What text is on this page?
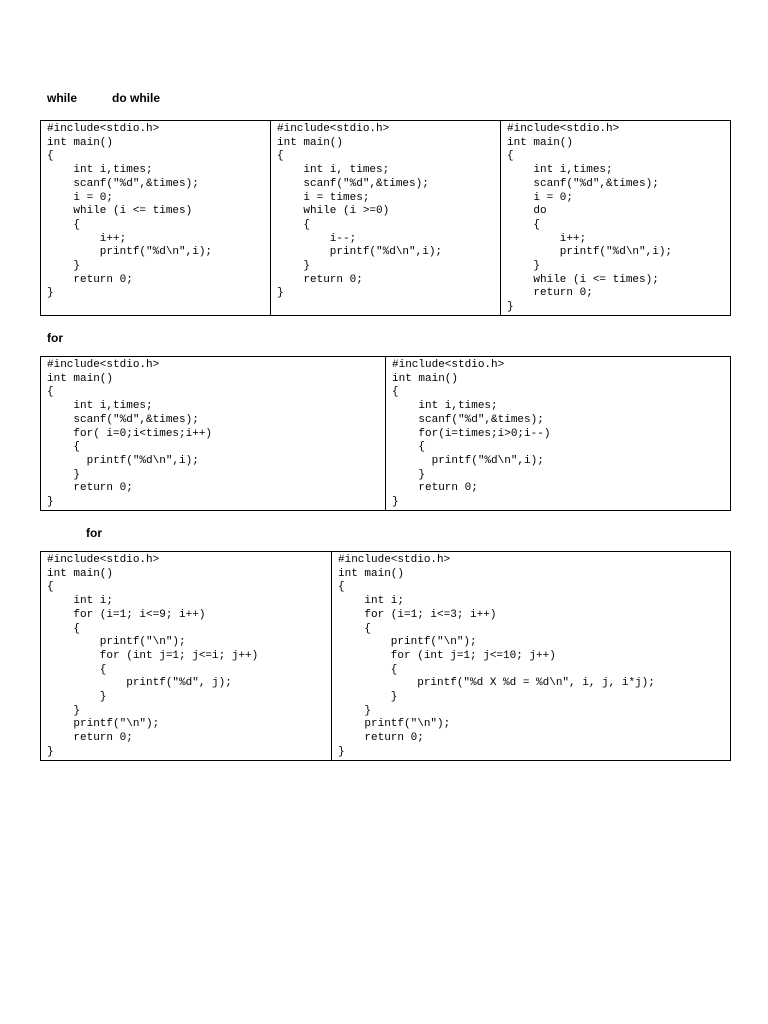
while	do while
#include<stdio.h>
int main()
{
int i,times;
scanf("%d",&times);
i = 0;
while (i <= times)
{
i++;
printf("%d\n",i);
}
return 0;
}

#include<stdio.h>
int main()
{
int i, times;
scanf("%d",&times);
i = times;
while (i >=0)
{
i--;
printf("%d\n",i);
}
return 0;
}

#include<stdio.h>
int main()
{
int i,times;
scanf("%d",&times);
i = 0;
do
{
i++;
printf("%d\n",i);
}
while (i <= times);
return 0;
}
for
#include<stdio.h>
int main()
{
int i,times;
scanf("%d",&times);
for( i=0;i<times;i++)
{
printf("%d\n",i);
}
return 0;
}

#include<stdio.h>
int main()
{
int i,times;
scanf("%d",&times);
for(i=times;i>0;i--)
{
printf("%d\n",i);
}
return 0;
}
for
#include<stdio.h>
int main()
{
int i;
for (i=1; i<=9; i++)
{
printf("\n");
for (int j=1; j<=i; j++)
{
printf("%d", j);
}
}
printf("\n");
return 0;
}

#include<stdio.h>
int main()
{
int i;
for (i=1; i<=3; i++)
{
printf("\n");
for (int j=1; j<=10; j++)
{
printf("%d X %d = %d\n", i, j, i*j);
}
}
printf("\n");
return 0;
}
